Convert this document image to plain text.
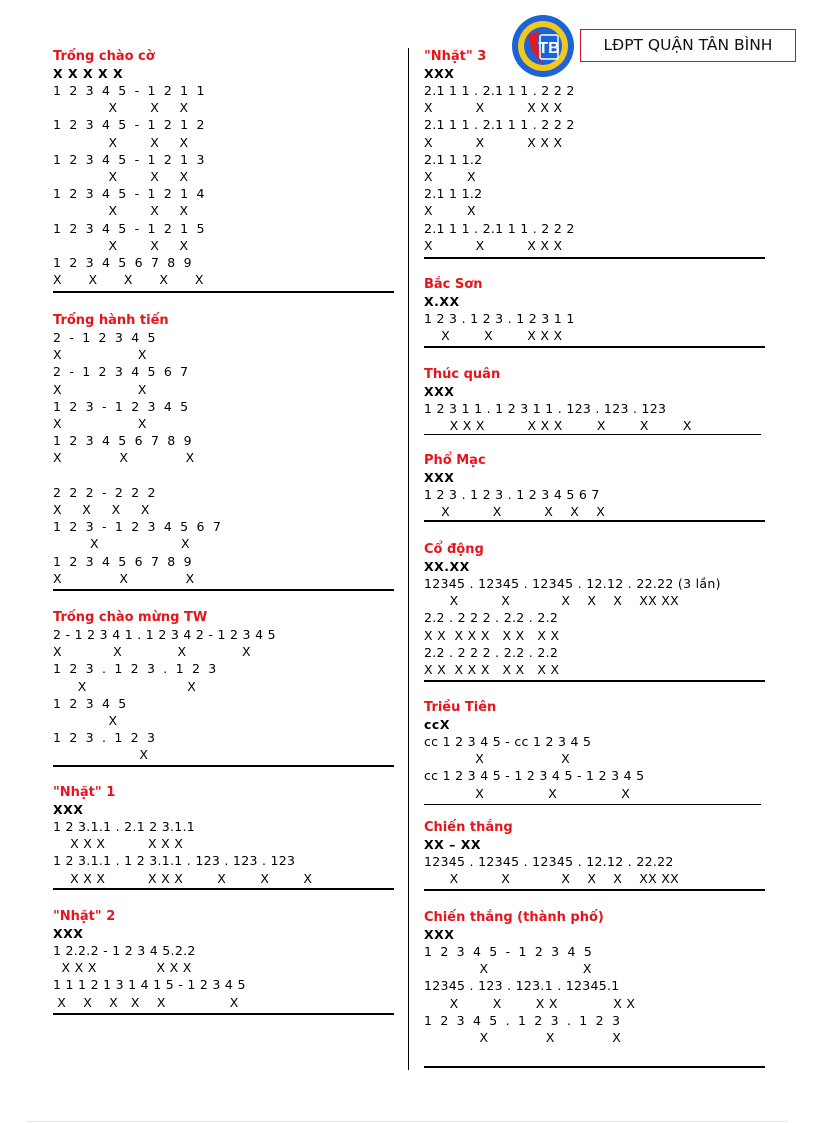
TB	LĐPT QUẬN TÂN BÌNH
Trống chào cờ
X X X X X
1 2 3 4 5 - 1 2 1 1
X     X   X
1 2 3 4 5 - 1 2 1 2
X     X   X
1 2 3 4 5 - 1 2 1 3
X     X   X
1 2 3 4 5 - 1 2 1 4
X     X   X
1 2 3 4 5 - 1 2 1 5
X     X   X
1 2 3 4 5 6 7 8 9
X    X    X    X    X
Trống hành tiến
2 - 1 2 3 4 5
X            X
2 - 1 2 3 4 5 6 7
X            X
1 2 3 - 1 2 3 4 5
X            X
1 2 3 4 5 6 7 8 9
X         X         X
2 2 2 - 2 2 2
X   X   X   X
1 2 3 - 1 2 3 4 5 6 7
X             X
1 2 3 4 5 6 7 8 9
X         X         X
Trống chào mừng TW
2 - 1 2 3 4 1 . 1 2 3 4 2 - 1 2 3 4 5
X            X             X             X
1 2 3 . 1 2 3 . 1 2 3
X                X
1 2 3 4 5
X
1 2 3 . 1 2 3
X
"Nhặt" 1
XXX
1 2 3.1.1 . 2.1 2 3.1.1
X X X          X X X
1 2 3.1.1 . 1 2 3.1.1 . 123 . 123 . 123
X X X          X X X        X        X        X
"Nhặt" 2
XXX
1 2.2.2 - 1 2 3 4 5.2.2
X X X              X X X
1 1 1 2 1 3 1 4 1 5 - 1 2 3 4 5
X    X    X   X    X               X
"Nhặt" 3
XXX
2.1 1 1 . 2.1 1 1 . 2 2 2
X          X          X X X
2.1 1 1 . 2.1 1 1 . 2 2 2
X          X          X X X
2.1 1 1.2
X        X
2.1 1 1.2
X        X
2.1 1 1 . 2.1 1 1 . 2 2 2
X          X          X X X
Bắc Sơn
X.XX
1 2 3 . 1 2 3 . 1 2 3 1 1
X        X        X X X
Thúc quân
XXX
1 2 3 1 1 . 1 2 3 1 1 . 123 . 123 . 123
X X X          X X X        X        X        X
Phổ Mạc
XXX
1 2 3 . 1 2 3 . 1 2 3 4 5 6 7
X          X          X    X    X
Cổ động
XX.XX
12345 . 12345 . 12345 . 12.12 . 22.22 (3 lần)
X          X            X    X    X    XX XX
2.2 . 2 2 2 . 2.2 . 2.2
X X  X X X   X X   X X
2.2 . 2 2 2 . 2.2 . 2.2
X X  X X X   X X   X X
Triều Tiên
ccX
cc 1 2 3 4 5 - cc 1 2 3 4 5
X                  X
cc 1 2 3 4 5 - 1 2 3 4 5 - 1 2 3 4 5
X               X               X
Chiến thắng
XX – XX
12345 . 12345 . 12345 . 12.12 . 22.22
X          X            X    X    X    XX XX
Chiến thắng (thành phố)
XXX
1 2 3 4 5 - 1 2 3 4 5
X               X
12345 . 123 . 123.1 . 12345.1
X        X        X X             X X
1 2 3 4 5 . 1 2 3 . 1 2 3
X         X         X
